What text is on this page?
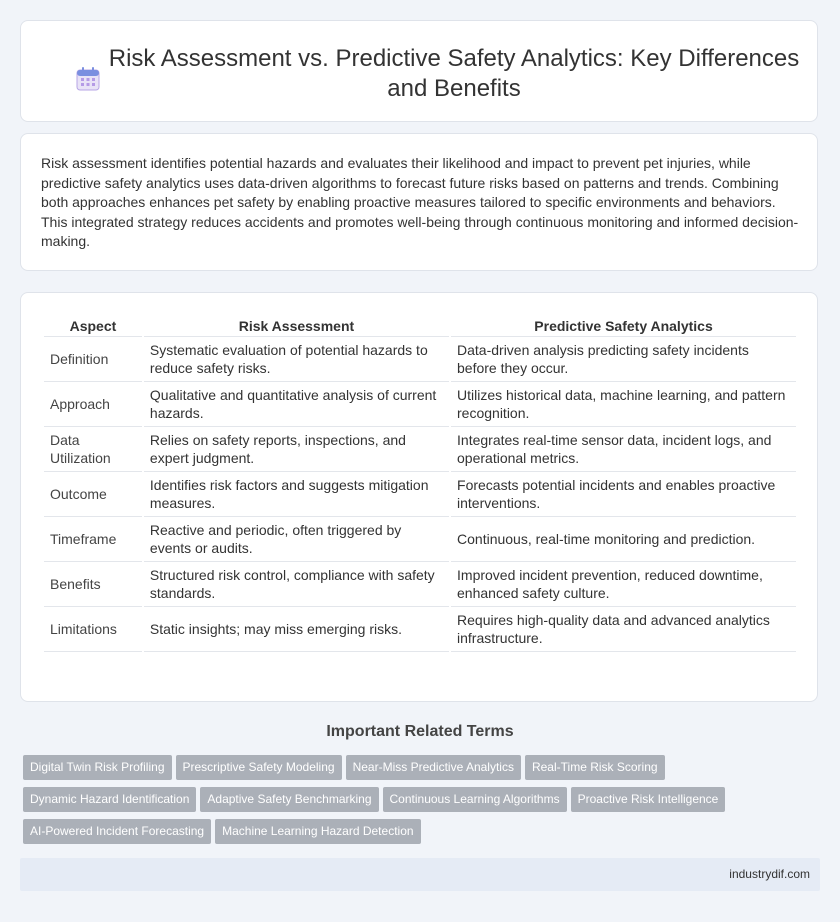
Risk Assessment vs. Predictive Safety Analytics: Key Differences and Benefits

Risk assessment identifies potential hazards and evaluates their likelihood and impact to prevent pet injuries, while predictive safety analytics uses data-driven algorithms to forecast future risks based on patterns and trends. Combining both approaches enhances pet safety by enabling proactive measures tailored to specific environments and behaviors. This integrated strategy reduces accidents and promotes well-being through continuous monitoring and informed decision-making.

Aspect	Risk Assessment	Predictive Safety Analytics
Definition	Systematic evaluation of potential hazards to reduce safety risks.	Data-driven analysis predicting safety incidents before they occur.
Approach	Qualitative and quantitative analysis of current hazards.	Utilizes historical data, machine learning, and pattern recognition.
Data Utilization	Relies on safety reports, inspections, and expert judgment.	Integrates real-time sensor data, incident logs, and operational metrics.
Outcome	Identifies risk factors and suggests mitigation measures.	Forecasts potential incidents and enables proactive interventions.
Timeframe	Reactive and periodic, often triggered by events or audits.	Continuous, real-time monitoring and prediction.
Benefits	Structured risk control, compliance with safety standards.	Improved incident prevention, reduced downtime, enhanced safety culture.
Limitations	Static insights; may miss emerging risks.	Requires high-quality data and advanced analytics infrastructure.
Important Related Terms
Digital Twin Risk Profiling Prescriptive Safety Modeling Near-Miss Predictive Analytics Real-Time Risk Scoring
Dynamic Hazard Identification Adaptive Safety Benchmarking Continuous Learning Algorithms Proactive Risk Intelligence
AI-Powered Incident Forecasting Machine Learning Hazard Detection
industrydif.com
